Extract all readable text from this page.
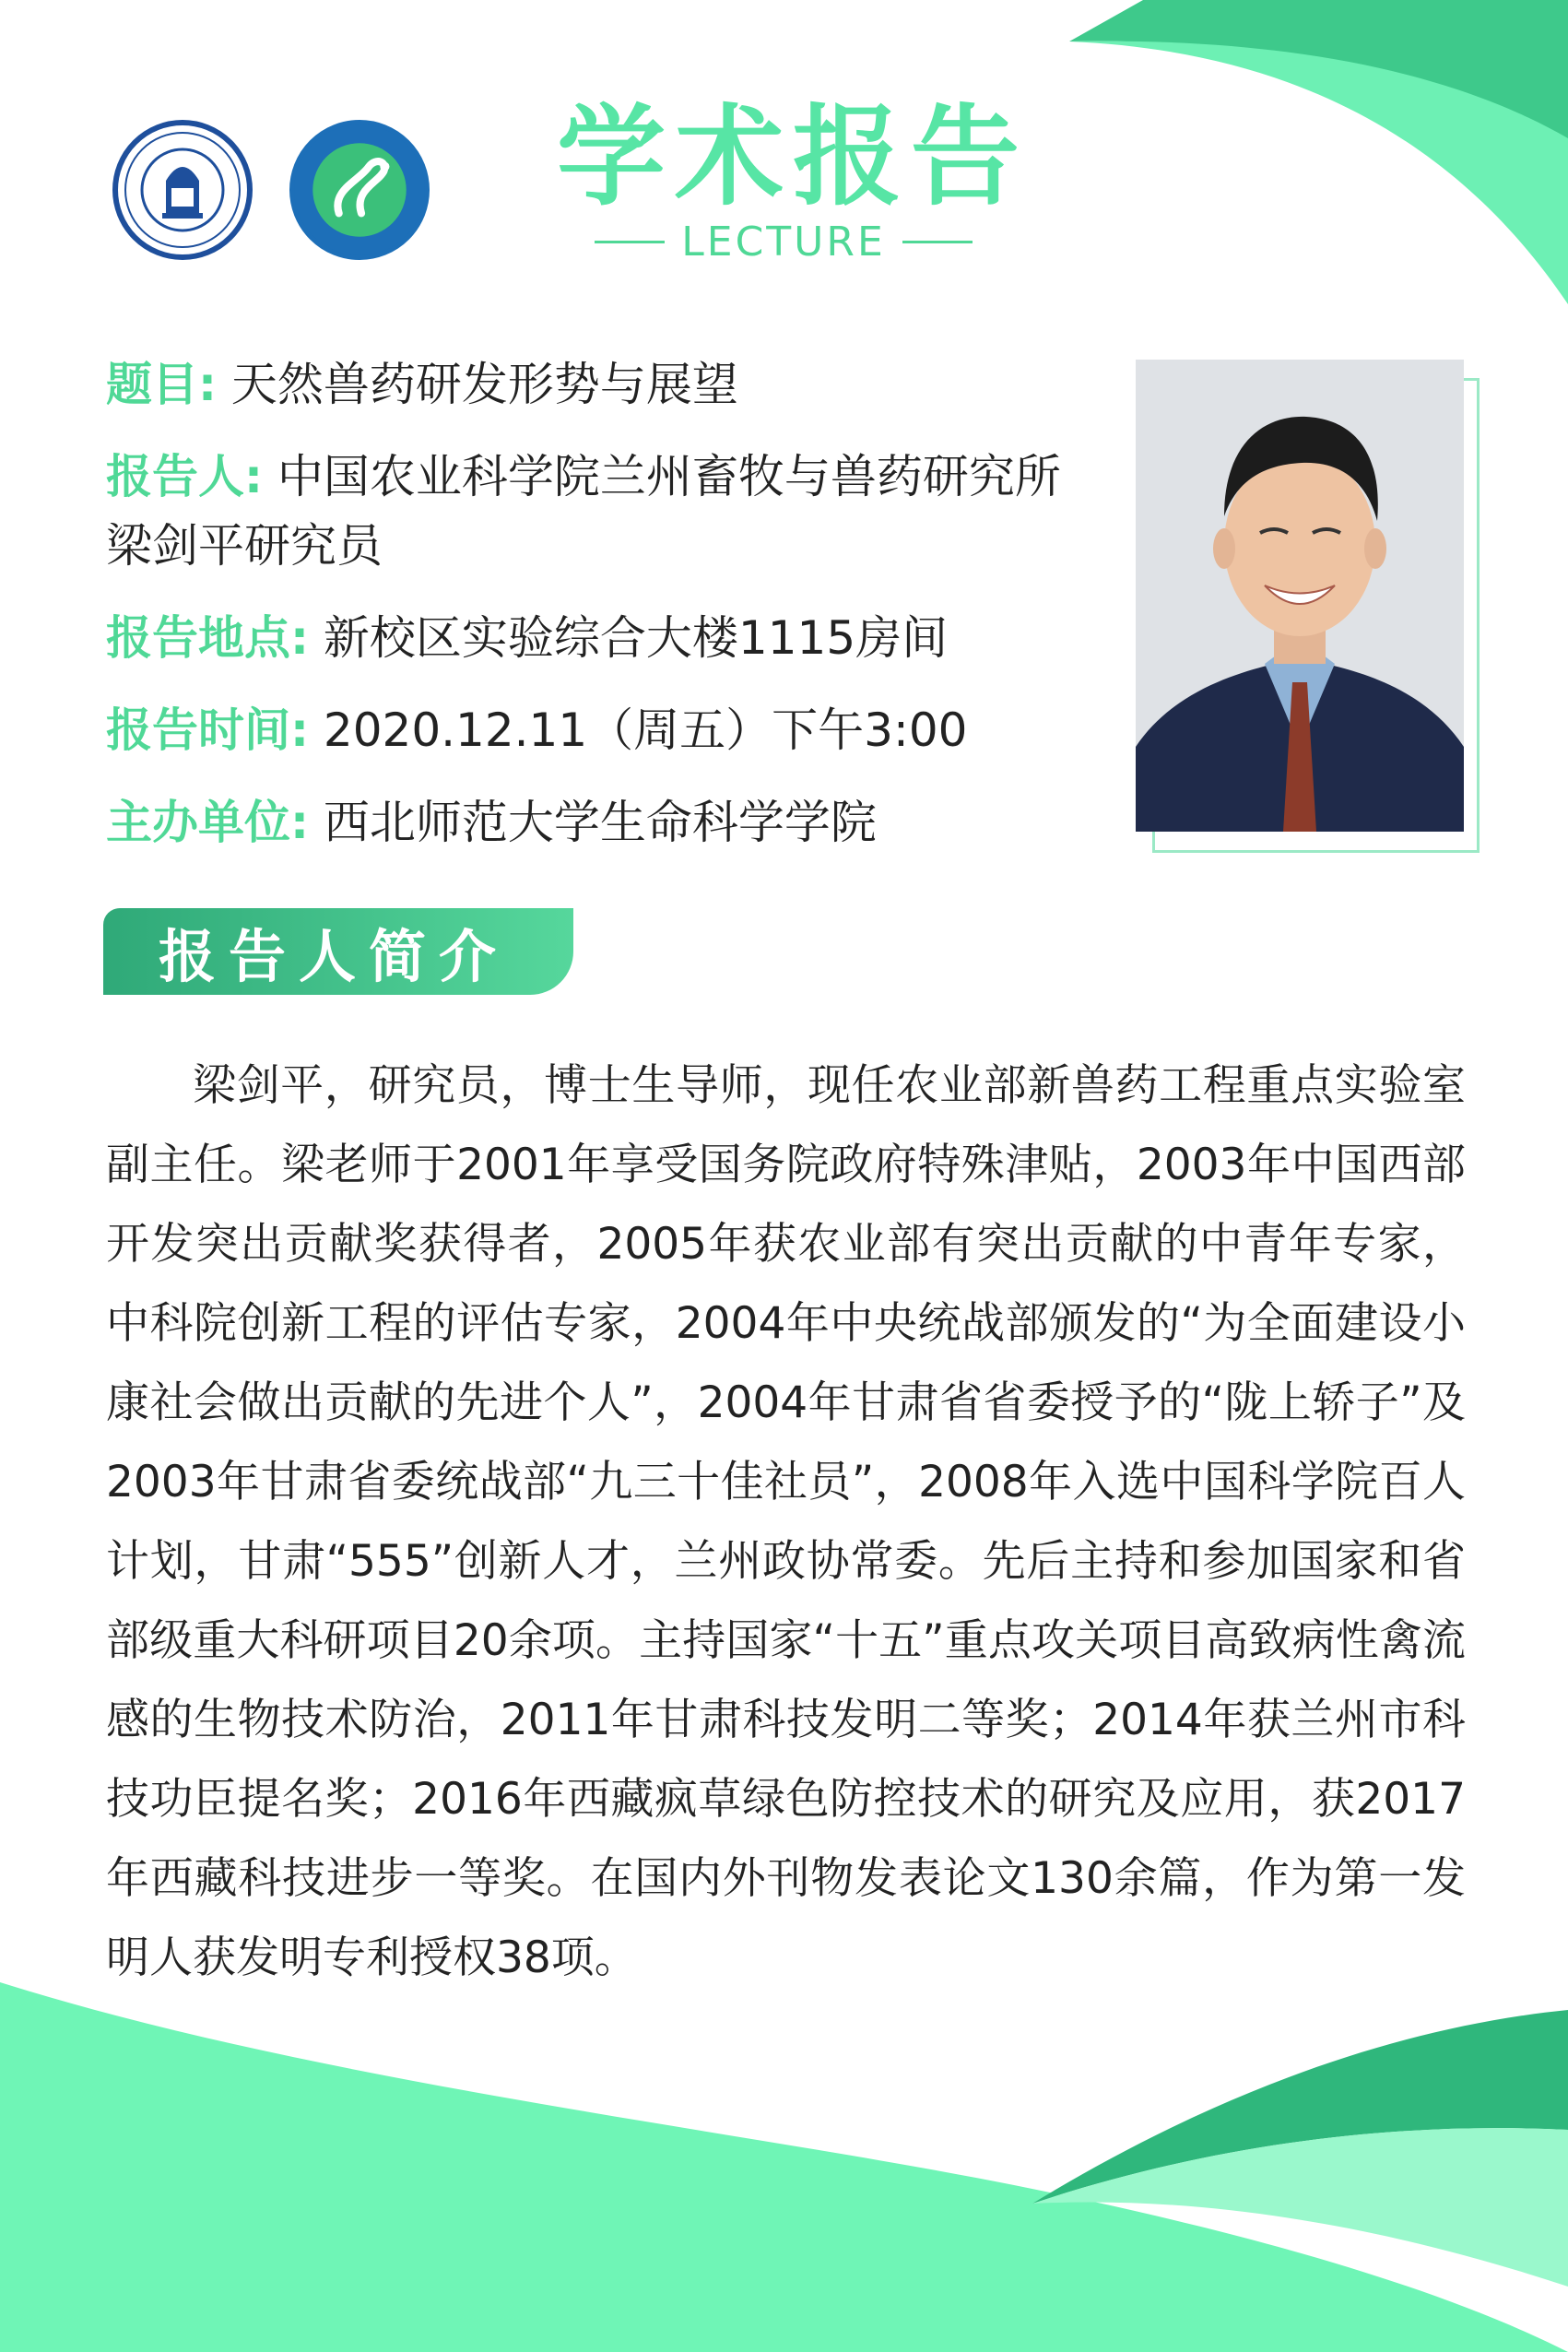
学术报告
LECTURE
题目: 天然兽药研发形势与展望
报告人: 中国农业科学院兰州畜牧与兽药研究所
梁剑平研究员
报告地点: 新校区实验综合大楼1115房间
报告时间: 2020.12.11（周五）下午3:00
主办单位: 西北师范大学生命科学学院
报告人简介

梁剑平，研究员，博士生导师，现任农业部新兽药工程重点实验室副主任。梁老师于2001年享受国务院政府特殊津贴，2003年中国西部开发突出贡献奖获得者，2005年获农业部有突出贡献的中青年专家，中科院创新工程的评估专家，2004年中央统战部颁发的“为全面建设小康社会做出贡献的先进个人”，2004年甘肃省省委授予的“陇上轿子”及2003年甘肃省委统战部“九三十佳社员”，2008年入选中国科学院百人计划，甘肃“555”创新人才，兰州政协常委。先后主持和参加国家和省部级重大科研项目20余项。主持国家“十五”重点攻关项目高致病性禽流感的生物技术防治，2011年甘肃科技发明二等奖；2014年获兰州市科技功臣提名奖；2016年西藏疯草绿色防控技术的研究及应用，获2017年西藏科技进步一等奖。在国内外刊物发表论文130余篇，作为第一发明人获发明专利授权38项。
